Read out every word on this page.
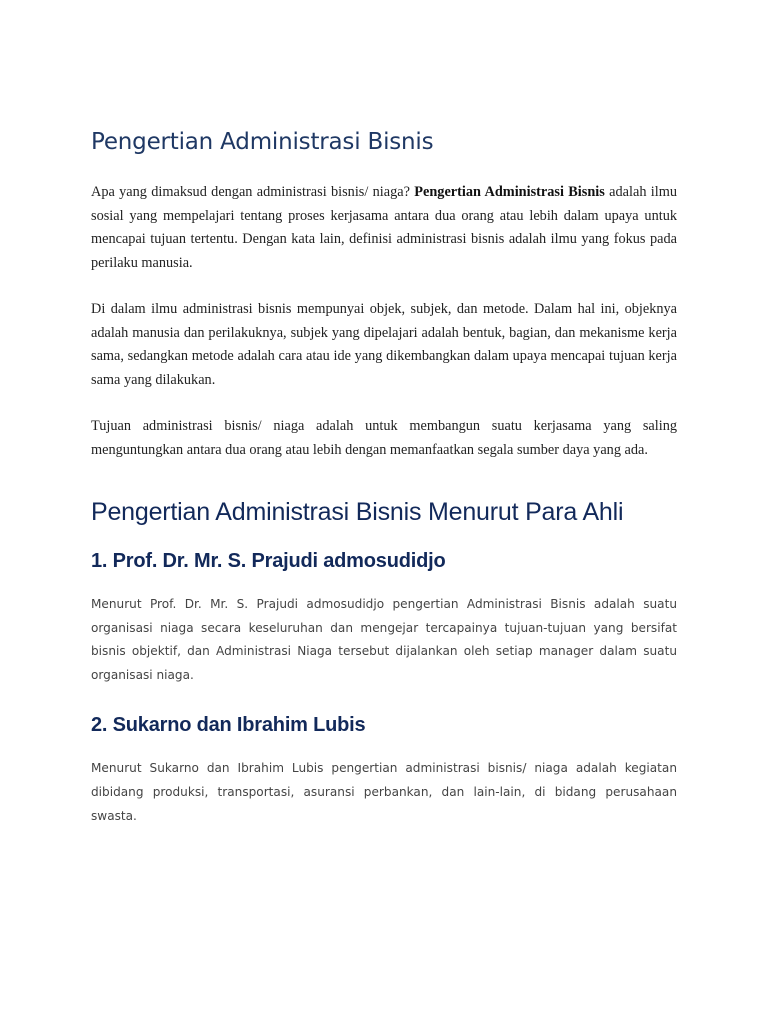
Pengertian Administrasi Bisnis

Apa yang dimaksud dengan administrasi bisnis/ niaga? Pengertian Administrasi Bisnis adalah ilmu sosial yang mempelajari tentang proses kerjasama antara dua orang atau lebih dalam upaya untuk mencapai tujuan tertentu. Dengan kata lain, definisi administrasi bisnis adalah ilmu yang fokus pada perilaku manusia.

Di dalam ilmu administrasi bisnis mempunyai objek, subjek, dan metode. Dalam hal ini, objeknya adalah manusia dan perilakuknya, subjek yang dipelajari adalah bentuk, bagian, dan mekanisme kerja sama, sedangkan metode adalah cara atau ide yang dikembangkan dalam upaya mencapai tujuan kerja sama yang dilakukan.

Tujuan administrasi bisnis/ niaga adalah untuk membangun suatu kerjasama yang saling menguntungkan antara dua orang atau lebih dengan memanfaatkan segala sumber daya yang ada.

Pengertian Administrasi Bisnis Menurut Para Ahli
1. Prof. Dr. Mr. S. Prajudi admosudidjo

Menurut Prof. Dr. Mr. S. Prajudi admosudidjo pengertian Administrasi Bisnis adalah suatu organisasi niaga secara keseluruhan dan mengejar tercapainya tujuan-tujuan yang bersifat bisnis objektif, dan Administrasi Niaga tersebut dijalankan oleh setiap manager dalam suatu organisasi niaga.

2. Sukarno dan Ibrahim Lubis

Menurut Sukarno dan Ibrahim Lubis pengertian administrasi bisnis/ niaga adalah kegiatan dibidang produksi, transportasi, asuransi perbankan, dan lain-lain, di bidang perusahaan swasta.
